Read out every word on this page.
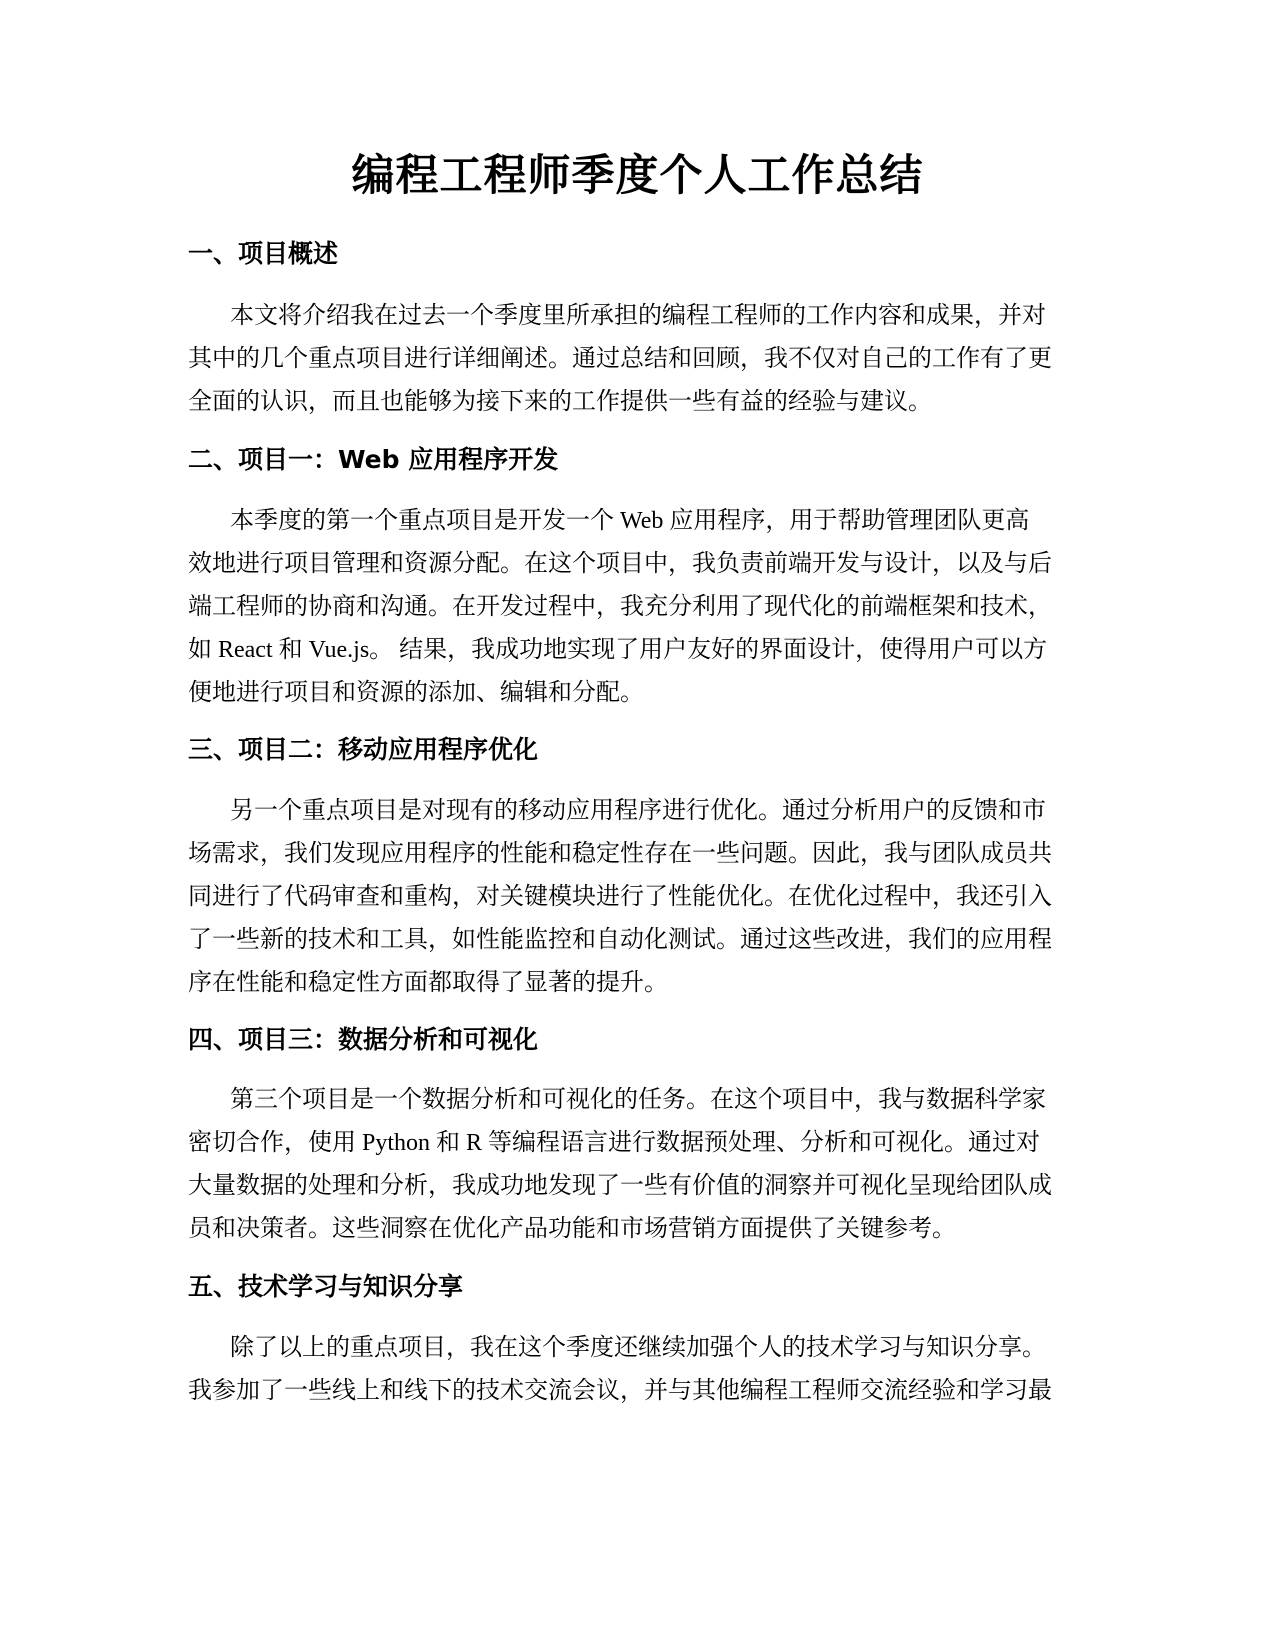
编程工程师季度个人工作总结
一、项目概述
本文将介绍我在过去一个季度里所承担的编程工程师的工作内容和成果，并对
其中的几个重点项目进行详细阐述。通过总结和回顾，我不仅对自己的工作有了更
全面的认识，而且也能够为接下来的工作提供一些有益的经验与建议。
二、项目一：Web 应用程序开发
本季度的第一个重点项目是开发一个 Web 应用程序，用于帮助管理团队更高
效地进行项目管理和资源分配。在这个项目中，我负责前端开发与设计，以及与后
端工程师的协商和沟通。在开发过程中，我充分利用了现代化的前端框架和技术，
如 React 和 Vue.js。 结果，我成功地实现了用户友好的界面设计，使得用户可以方
便地进行项目和资源的添加、编辑和分配。
三、项目二：移动应用程序优化
另一个重点项目是对现有的移动应用程序进行优化。通过分析用户的反馈和市
场需求，我们发现应用程序的性能和稳定性存在一些问题。因此，我与团队成员共
同进行了代码审查和重构，对关键模块进行了性能优化。在优化过程中，我还引入
了一些新的技术和工具，如性能监控和自动化测试。通过这些改进，我们的应用程
序在性能和稳定性方面都取得了显著的提升。
四、项目三：数据分析和可视化
第三个项目是一个数据分析和可视化的任务。在这个项目中，我与数据科学家
密切合作，使用 Python 和 R 等编程语言进行数据预处理、分析和可视化。通过对
大量数据的处理和分析，我成功地发现了一些有价值的洞察并可视化呈现给团队成
员和决策者。这些洞察在优化产品功能和市场营销方面提供了关键参考。
五、技术学习与知识分享
除了以上的重点项目，我在这个季度还继续加强个人的技术学习与知识分享。
我参加了一些线上和线下的技术交流会议，并与其他编程工程师交流经验和学习最
